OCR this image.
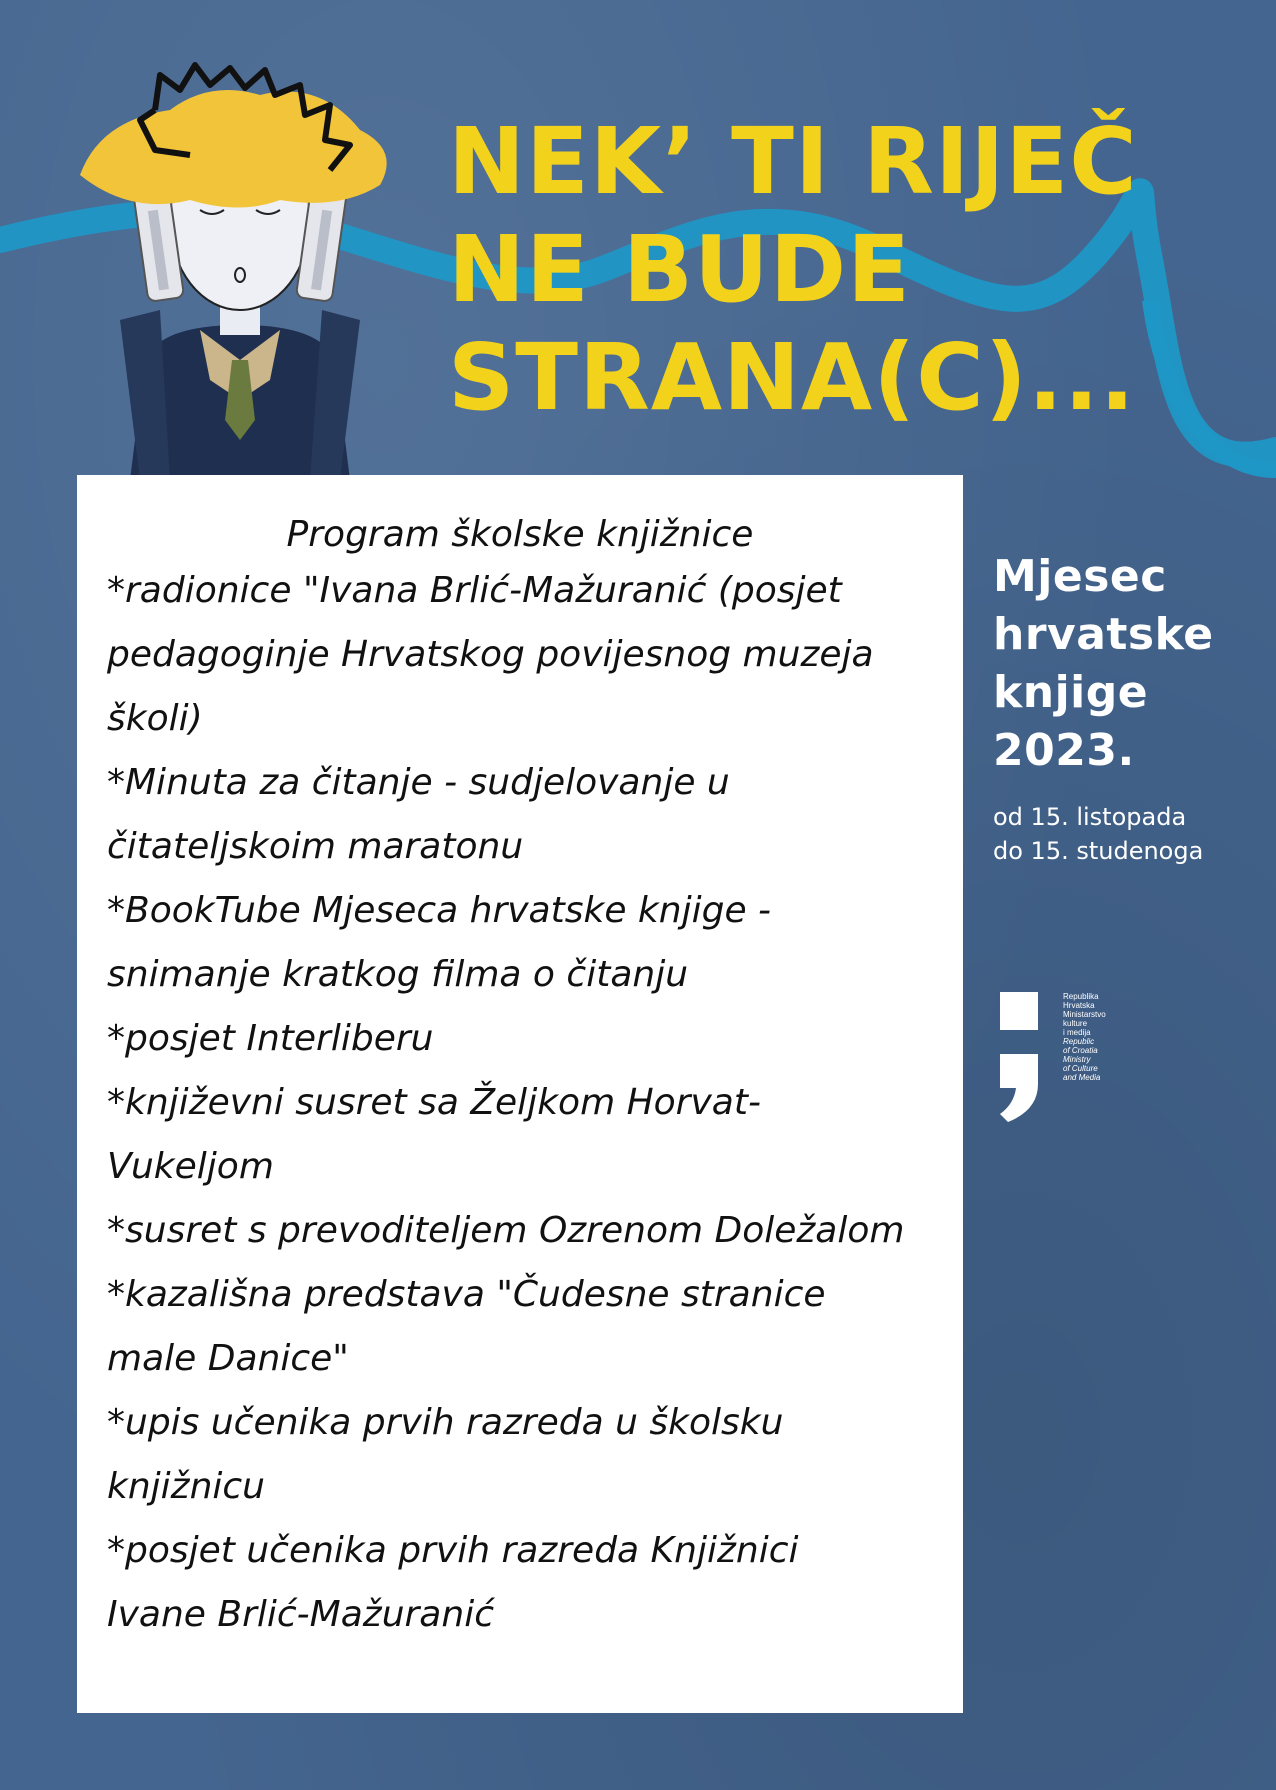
NEK’ TI RIJEČ
NE BUDE
STRANA(C)...
Program školske knjižnice
*radionice "Ivana Brlić-Mažuranić (posjet
pedagoginje Hrvatskog povijesnog muzeja
školi)
*Minuta za čitanje - sudjelovanje u
čitateljskoim maratonu
*BookTube Mjeseca hrvatske knjige -
snimanje kratkog filma o čitanju
*posjet Interliberu
*književni susret sa Željkom Horvat-
Vukeljom
*susret s prevoditeljem Ozrenom Doležalom
*kazališna predstava "Čudesne stranice
male Danice"
*upis učenika prvih razreda u školsku
knjižnicu
*posjet učenika prvih razreda Knjižnici
Ivane Brlić-Mažuranić
Mjesec
hrvatske
knjige
2023.
od 15. listopada
do 15. studenoga
Republika
Hrvatska
Ministarstvo
kulture
i medija
Republic
of Croatia
Ministry
of Culture
and Media
